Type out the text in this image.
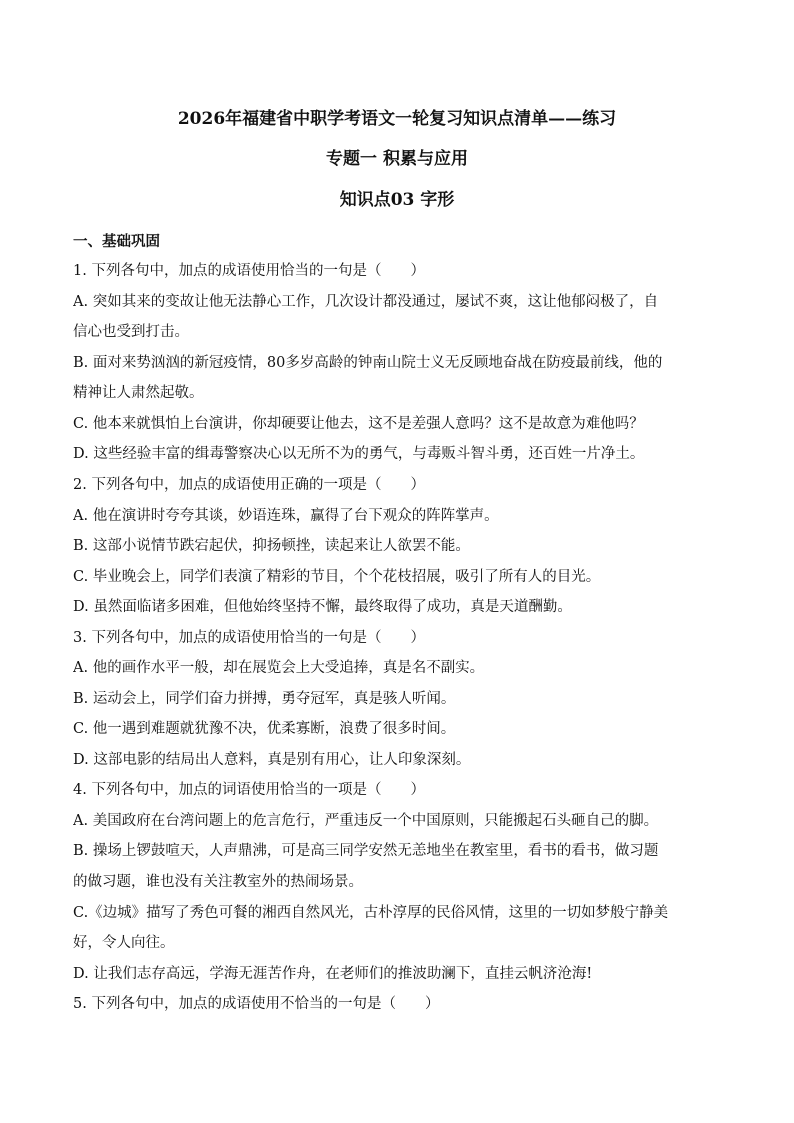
2026年福建省中职学考语文一轮复习知识点清单——练习
专题一 积累与应用
知识点03 字形
一、基础巩固
1. 下列各句中，加点的成语使用恰当的一句是（　　）
A. 突如其来的变故让他无法静心工作，几次设计都没通过，屡试不爽，这让他郁闷极了，自
信心也受到打击。
B. 面对来势汹汹的新冠疫情，80多岁高龄的钟南山院士义无反顾地奋战在防疫最前线，他的
精神让人肃然起敬。
C. 他本来就惧怕上台演讲，你却硬要让他去，这不是差强人意吗？这不是故意为难他吗？
D. 这些经验丰富的缉毒警察决心以无所不为的勇气，与毒贩斗智斗勇，还百姓一片净土。
2. 下列各句中，加点的成语使用正确的一项是（　　）
A. 他在演讲时夸夸其谈，妙语连珠，赢得了台下观众的阵阵掌声。
B. 这部小说情节跌宕起伏，抑扬顿挫，读起来让人欲罢不能。
C. 毕业晚会上，同学们表演了精彩的节目，个个花枝招展，吸引了所有人的目光。
D. 虽然面临诸多困难，但他始终坚持不懈，最终取得了成功，真是天道酬勤。
3. 下列各句中，加点的成语使用恰当的一句是（　　）
A. 他的画作水平一般，却在展览会上大受追捧，真是名不副实。
B. 运动会上，同学们奋力拼搏，勇夺冠军，真是骇人听闻。
C. 他一遇到难题就犹豫不决，优柔寡断，浪费了很多时间。
D. 这部电影的结局出人意料，真是别有用心，让人印象深刻。
4. 下列各句中，加点的词语使用恰当的一项是（　　）
A. 美国政府在台湾问题上的危言危行，严重违反一个中国原则，只能搬起石头砸自己的脚。
B. 操场上锣鼓喧天，人声鼎沸，可是高三同学安然无恙地坐在教室里，看书的看书，做习题
的做习题，谁也没有关注教室外的热闹场景。
C.《边城》描写了秀色可餐的湘西自然风光，古朴淳厚的民俗风情，这里的一切如梦般宁静美
好，令人向往。
D. 让我们志存高远，学海无涯苦作舟，在老师们的推波助澜下，直挂云帆济沧海!
5. 下列各句中，加点的成语使用不恰当的一句是（　　）
